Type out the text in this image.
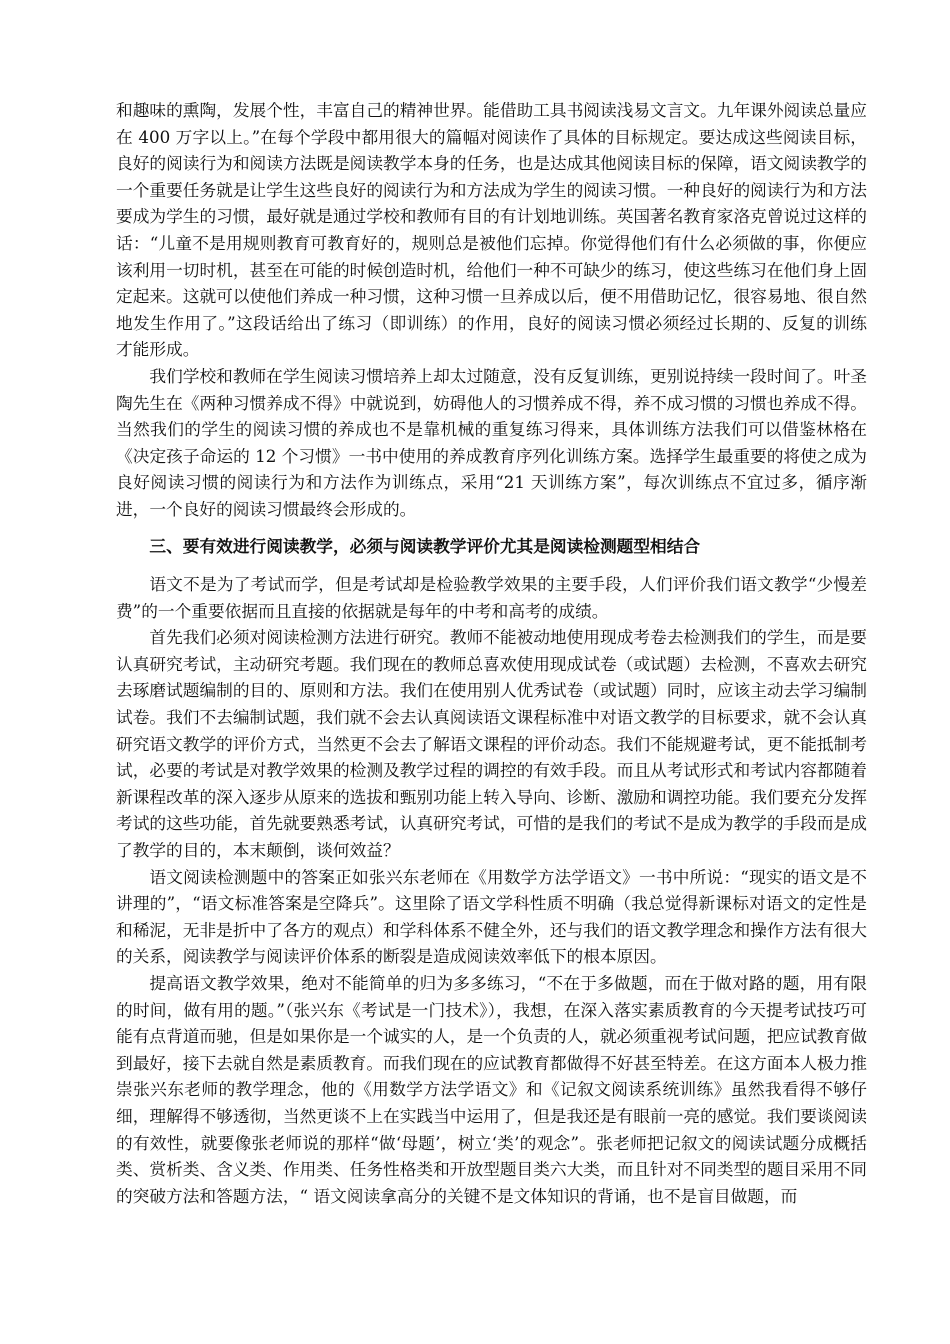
和趣味的熏陶，发展个性，丰富自己的精神世界。能借助工具书阅读浅易文言文。九年课外阅读总量应在 400 万字以上。”在每个学段中都用很大的篇幅对阅读作了具体的目标规定。要达成这些阅读目标，良好的阅读行为和阅读方法既是阅读教学本身的任务，也是达成其他阅读目标的保障，语文阅读教学的一个重要任务就是让学生这些良好的阅读行为和方法成为学生的阅读习惯。一种良好的阅读行为和方法要成为学生的习惯，最好就是通过学校和教师有目的有计划地训练。英国著名教育家洛克曾说过这样的话：“儿童不是用规则教育可教育好的，规则总是被他们忘掉。你觉得他们有什么必须做的事，你便应该利用一切时机，甚至在可能的时候创造时机，给他们一种不可缺少的练习，使这些练习在他们身上固定起来。这就可以使他们养成一种习惯，这种习惯一旦养成以后，便不用借助记忆，很容易地、很自然地发生作用了。”这段话给出了练习（即训练）的作用，良好的阅读习惯必须经过长期的、反复的训练才能形成。

我们学校和教师在学生阅读习惯培养上却太过随意，没有反复训练，更别说持续一段时间了。叶圣陶先生在《两种习惯养成不得》中就说到，妨碍他人的习惯养成不得，养不成习惯的习惯也养成不得。当然我们的学生的阅读习惯的养成也不是靠机械的重复练习得来，具体训练方法我们可以借鉴林格在《决定孩子命运的 12 个习惯》一书中使用的养成教育序列化训练方案。选择学生最重要的将使之成为良好阅读习惯的阅读行为和方法作为训练点，采用“21 天训练方案”，每次训练点不宜过多，循序渐进，一个良好的阅读习惯最终会形成的。

三、要有效进行阅读教学，必须与阅读教学评价尤其是阅读检测题型相结合

语文不是为了考试而学，但是考试却是检验教学效果的主要手段，人们评价我们语文教学“少慢差费”的一个重要依据而且直接的依据就是每年的中考和高考的成绩。

首先我们必须对阅读检测方法进行研究。教师不能被动地使用现成考卷去检测我们的学生，而是要认真研究考试，主动研究考题。我们现在的教师总喜欢使用现成试卷（或试题）去检测，不喜欢去研究去琢磨试题编制的目的、原则和方法。我们在使用别人优秀试卷（或试题）同时，应该主动去学习编制试卷。我们不去编制试题，我们就不会去认真阅读语文课程标准中对语文教学的目标要求，就不会认真研究语文教学的评价方式，当然更不会去了解语文课程的评价动态。我们不能规避考试，更不能抵制考试，必要的考试是对教学效果的检测及教学过程的调控的有效手段。而且从考试形式和考试内容都随着新课程改革的深入逐步从原来的选拔和甄别功能上转入导向、诊断、激励和调控功能。我们要充分发挥考试的这些功能，首先就要熟悉考试，认真研究考试，可惜的是我们的考试不是成为教学的手段而是成了教学的目的，本末颠倒，谈何效益？

语文阅读检测题中的答案正如张兴东老师在《用数学方法学语文》一书中所说：“现实的语文是不讲理的”，“语文标准答案是空降兵”。这里除了语文学科性质不明确（我总觉得新课标对语文的定性是和稀泥，无非是折中了各方的观点）和学科体系不健全外，还与我们的语文教学理念和操作方法有很大的关系，阅读教学与阅读评价体系的断裂是造成阅读效率低下的根本原因。

提高语文教学效果，绝对不能简单的归为多多练习，“不在于多做题，而在于做对路的题，用有限的时间，做有用的题。”（张兴东《考试是一门技术》），我想，在深入落实素质教育的今天提考试技巧可能有点背道而驰，但是如果你是一个诚实的人，是一个负责的人，就必须重视考试问题，把应试教育做到最好，接下去就自然是素质教育。而我们现在的应试教育都做得不好甚至特差。在这方面本人极力推崇张兴东老师的教学理念，他的《用数学方法学语文》和《记叙文阅读系统训练》虽然我看得不够仔细，理解得不够透彻，当然更谈不上在实践当中运用了，但是我还是有眼前一亮的感觉。我们要谈阅读的有效性，就要像张老师说的那样“做‘母题’，树立‘类’的观念”。张老师把记叙文的阅读试题分成概括类、赏析类、含义类、作用类、任务性格类和开放型题目类六大类，而且针对不同类型的题目采用不同的突破方法和答题方法，“ 语文阅读拿高分的关键不是文体知识的背诵，也不是盲目做题，而
